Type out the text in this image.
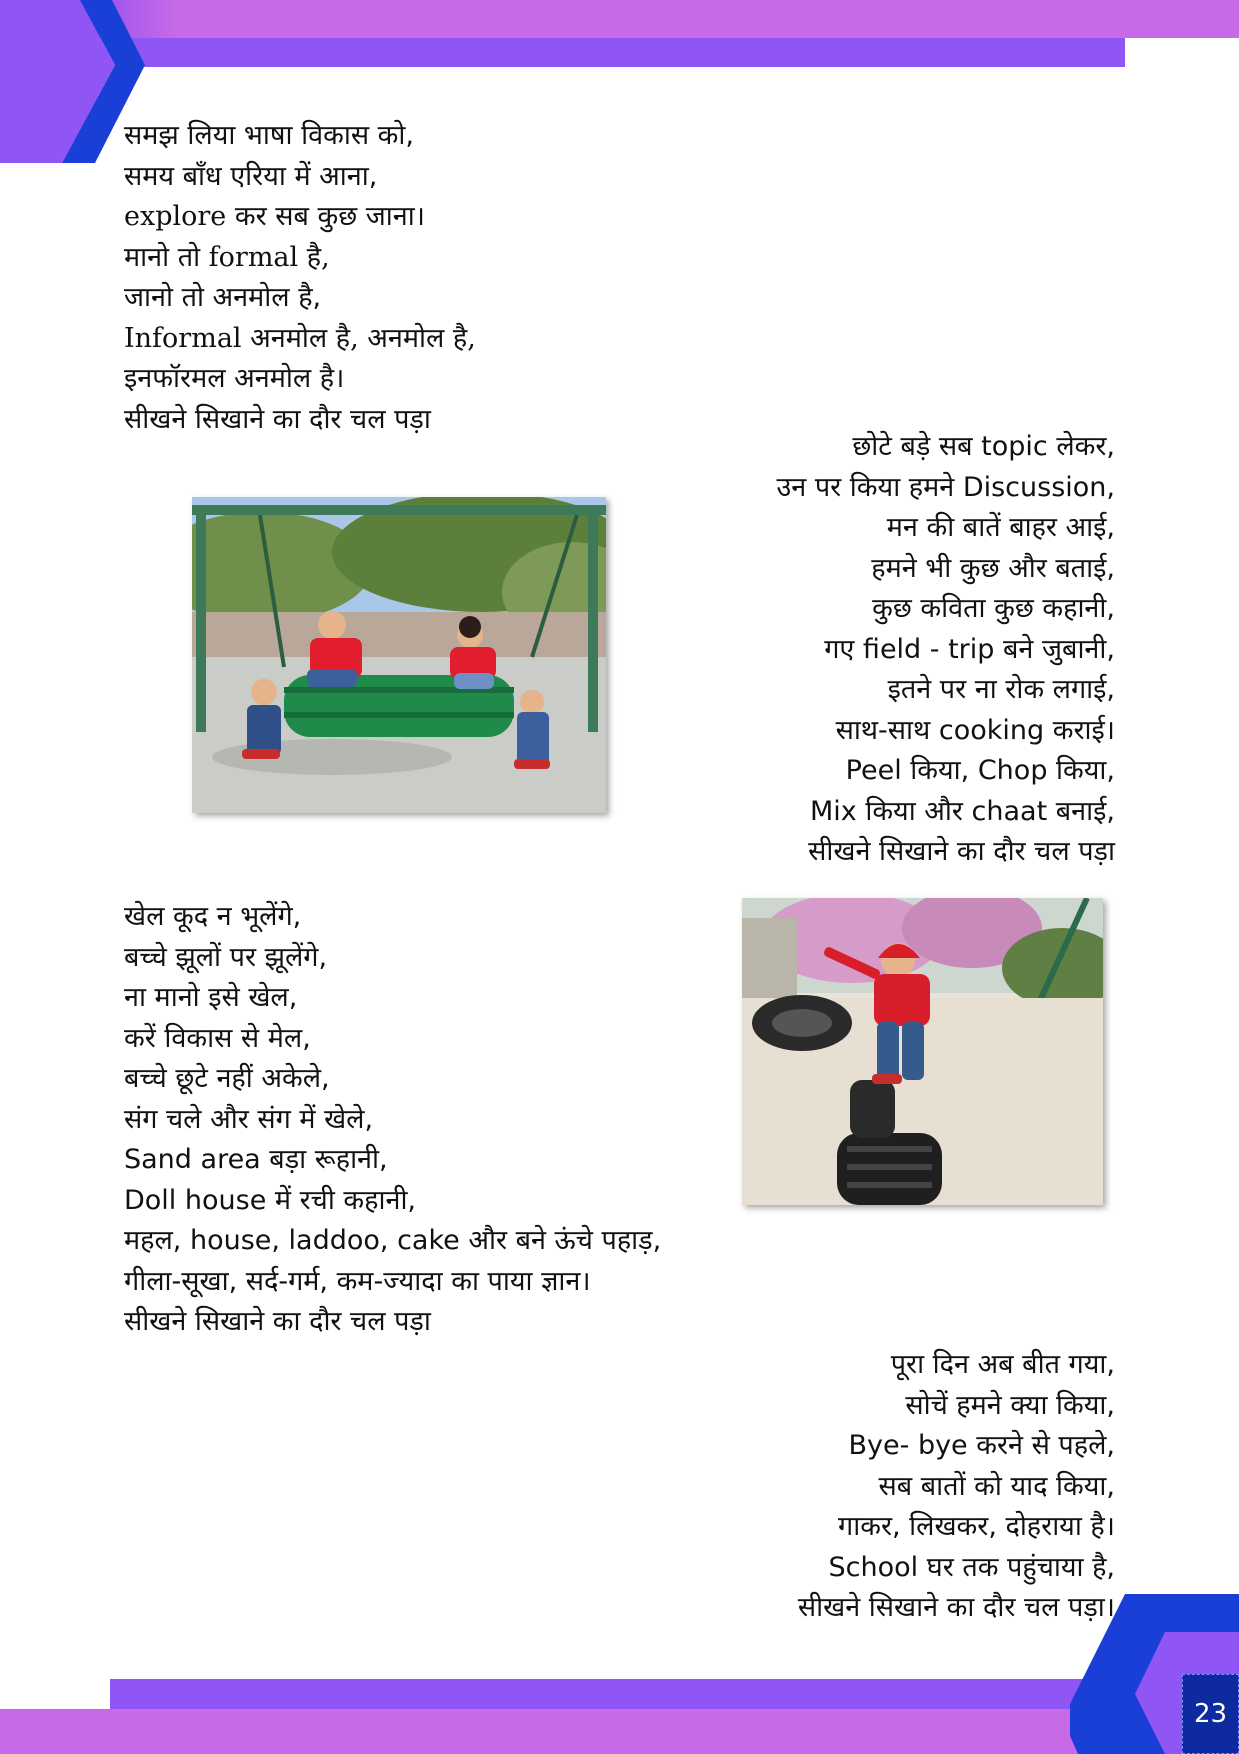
23
समझ लिया भाषा विकास को,
समय बाँध एरिया में आना,
explore कर सब कुछ जाना।
मानो तो formal है,
जानो तो अनमोल है,
Informal अनमोल है, अनमोल है,
इनफॉरमल अनमोल है।
सीखने सिखाने का दौर चल पड़ा
छोटे बड़े सब topic लेकर,
उन पर किया हमने Discussion,
मन की बातें बाहर आई,
हमने भी कुछ और बताई,
कुछ कविता कुछ कहानी,
गए field - trip बने जुबानी,
इतने पर ना रोक लगाई,
साथ-साथ cooking कराई।
Peel किया, Chop किया,
Mix किया और chaat बनाई,
सीखने सिखाने का दौर चल पड़ा
खेल कूद न भूलेंगे,
बच्चे झूलों पर झूलेंगे,
ना मानो इसे खेल,
करें विकास से मेल,
बच्चे छूटे नहीं अकेले,
संग चले और संग में खेले,
Sand area बड़ा रूहानी,
Doll house में रची कहानी,
महल, house, laddoo, cake और बने ऊंचे पहाड़,
गीला-सूखा, सर्द-गर्म, कम-ज्यादा का पाया ज्ञान।
सीखने सिखाने का दौर चल पड़ा
पूरा दिन अब बीत गया,
सोचें हमने क्या किया,
Bye- bye करने से पहले,
सब बातों को याद किया,
गाकर, लिखकर, दोहराया है।
School घर तक पहुंचाया है,
सीखने सिखाने का दौर चल पड़ा।
